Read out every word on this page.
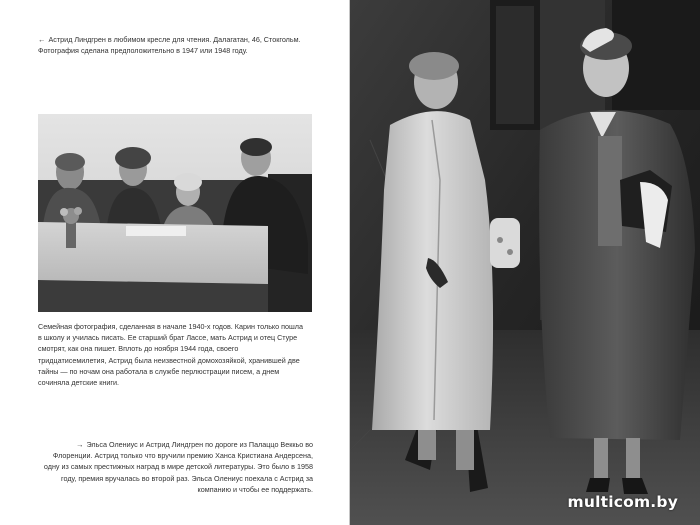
← Астрид Линдгрен в любимом кресле для чтения. Далагатан, 46, Стокгольм. Фотография сделана предположительно в 1947 или 1948 году.

Семейная фотография, сделанная в начале 1940-х годов. Карин только пошла в школу и училась писать. Ее старший брат Лассе, мать Астрид и отец Стуре смотрят, как она пишет. Вплоть до ноября 1944 года, своего тридцатисемилетия, Астрид была неизвестной домохозяйкой, хранившей две тайны — по ночам она работала в службе перлюстрации писем, а днем сочиняла детские книги.

→ Эльса Олениус и Астрид Линдгрен по дороге из Палаццо Веккьо во Флоренции. Астрид только что вручили премию Ханса Кристиана Андерсена, одну из самых престижных наград в мире детской литературы. Это было в 1958 году, премия вручалась во второй раз. Эльса Олениус поехала с Астрид за компанию и чтобы ее поддержать.

multicom.by
